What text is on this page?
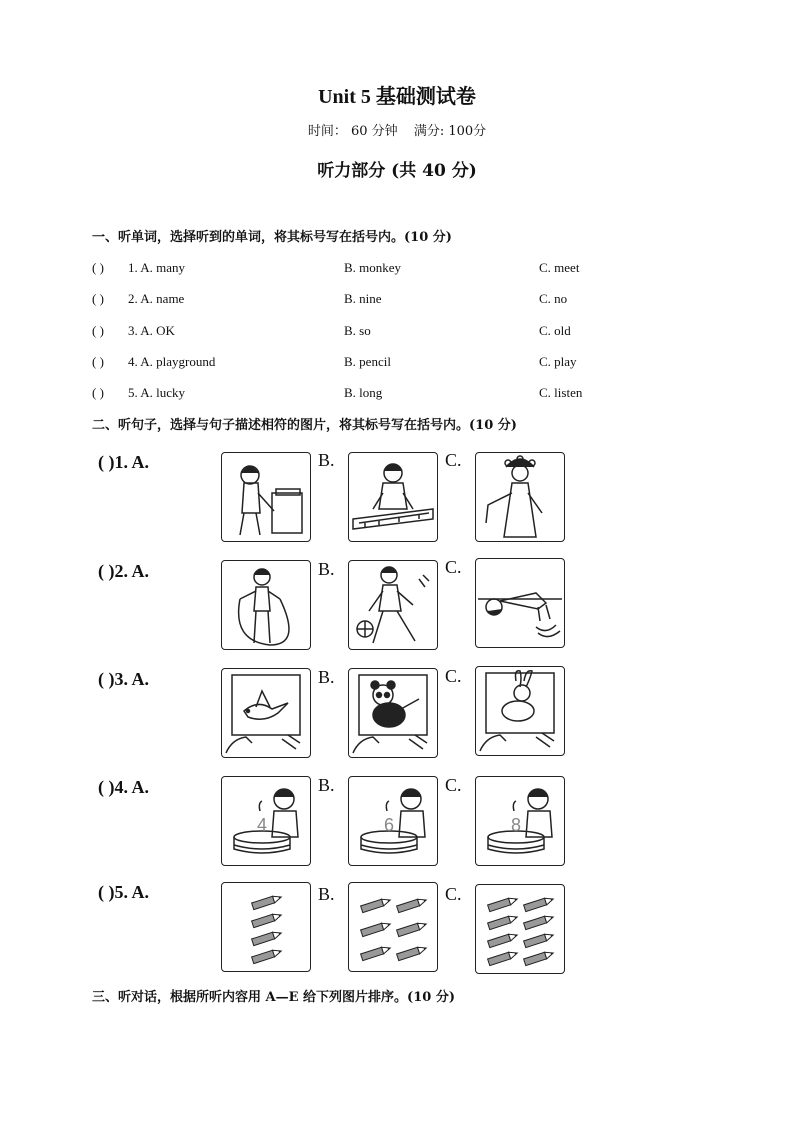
Unit 5 基础测试卷
时间： 60 分钟 满分: 100分
听力部分 (共 40 分)
一、听单词，选择听到的单词，将其标号写在括号内。(10 分)
( ) 1. A. many	B. monkey	C. meet
( ) 2. A. name	B. nine	C. no
( ) 3. A. OK	B. so	C. old
( ) 4. A. playground	B. pencil	C. play
( ) 5. A. lucky	B. long	C. listen
二、听句子，选择与句子描述相符的图片，将其标号写在括号内。(10 分)
( )1. A.	B.	C.
( )2. A.	B.	C.
( )3. A.	B.	C.
( )4. A.	B.	C.
4	6	8
( )5. A.	B.	C.
三、听对话，根据所听内容用 A—E 给下列图片排序。(10 分)
